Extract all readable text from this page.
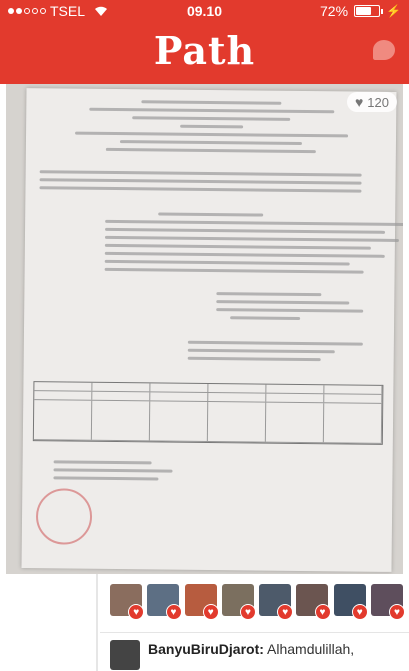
TSEL	09.10	72%	⚡
Path
♥ 120
♥	♥	♥	♥	♥	♥	♥	♥
BanyuBiruDjarot: Alhamdulillah,
